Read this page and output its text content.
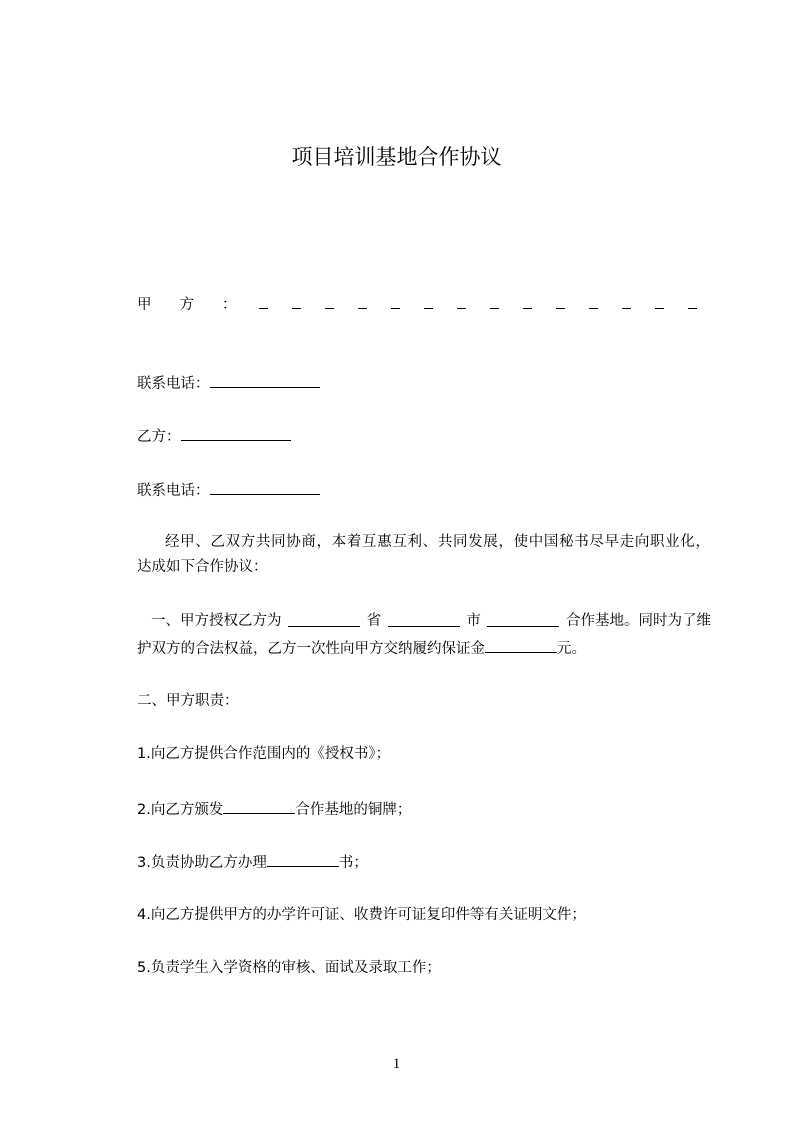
项目培训基地合作协议
甲 方 ：
联系电话：
乙方：
联系电话：
经甲、乙双方共同协商，本着互惠互利、共同发展，使中国秘书尽早走向职业化，
达成如下合作协议：
一、甲方授权乙方为	省	市	合作基地。同时为了维
护双方的合法权益，乙方一次性向甲方交纳履约保证金	元。
二、甲方职责：
1.向乙方提供合作范围内的《授权书》；
2.向乙方颁发	合作基地的铜牌；
3.负责协助乙方办理	书；
4.向乙方提供甲方的办学许可证、收费许可证复印件等有关证明文件；
5.负责学生入学资格的审核、面试及录取工作；
1
